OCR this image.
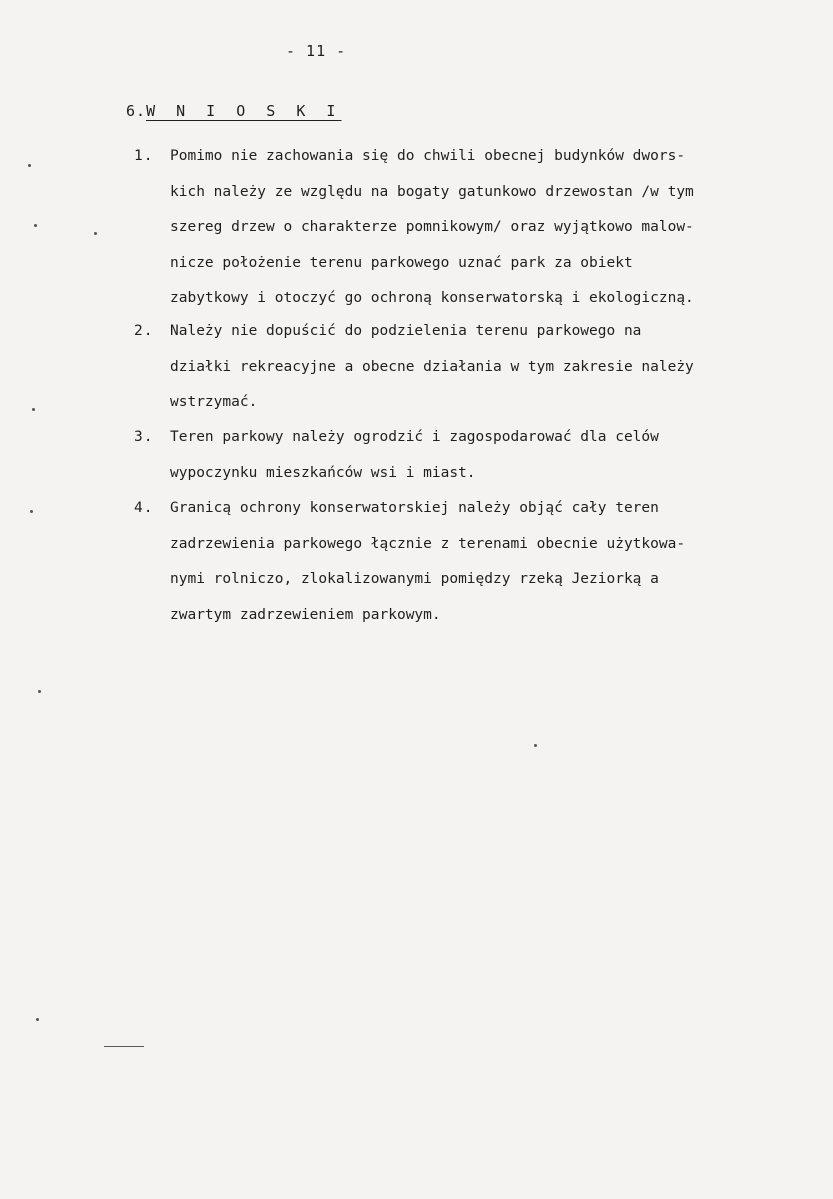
- 11 -
6.W N I O S K I
1.	Pomimo nie zachowania się do chwili obecnej budynków dwors-
kich należy ze względu na bogaty gatunkowo drzewostan /w tym
szereg drzew o charakterze pomnikowym/ oraz wyjątkowo malow-
nicze położenie terenu parkowego uznać park za obiekt
zabytkowy i otoczyć go ochroną konserwatorską i ekologiczną.
2.	Należy nie dopuścić do podzielenia terenu parkowego na
działki rekreacyjne a obecne działania w tym zakresie należy
wstrzymać.
3.	Teren parkowy należy ogrodzić i zagospodarować dla celów
wypoczynku mieszkańców wsi i miast.
4.	Granicą ochrony konserwatorskiej należy objąć cały teren
zadrzewienia parkowego łącznie z terenami obecnie użytkowa-
nymi rolniczo, zlokalizowanymi pomiędzy rzeką Jeziorką a
zwartym zadrzewieniem parkowym.
